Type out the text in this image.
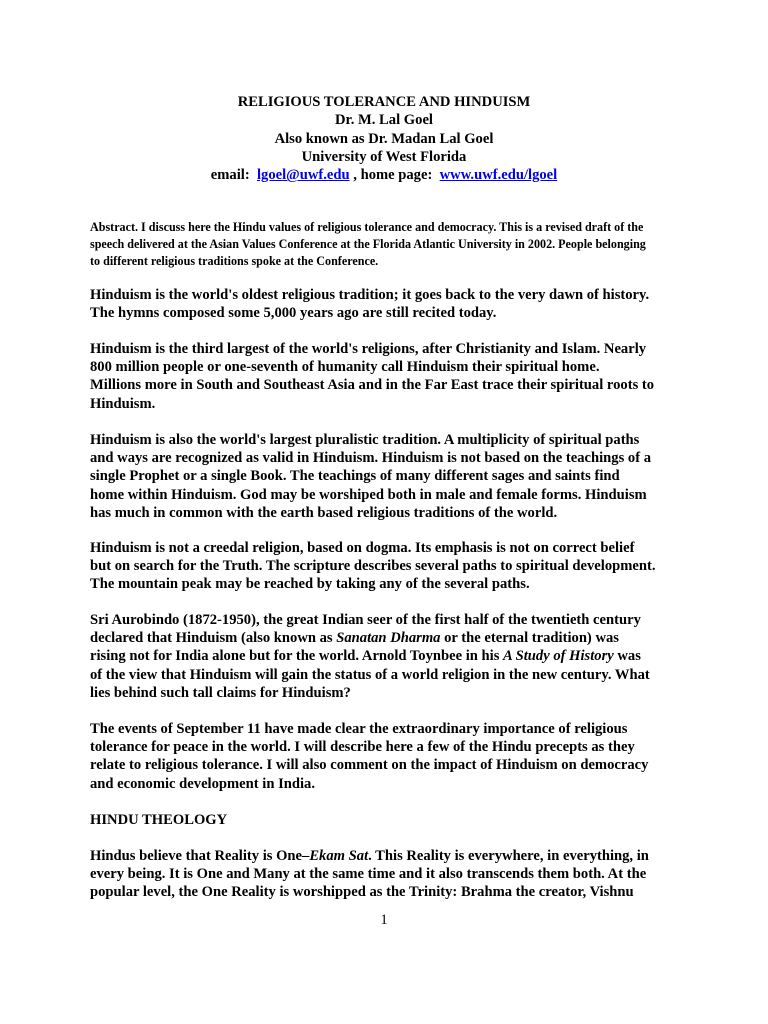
RELIGIOUS TOLERANCE AND HINDUISM
Dr. M. Lal Goel
Also known as Dr. Madan Lal Goel
University of West Florida
email: lgoel@uwf.edu , home page: www.uwf.edu/lgoel
Abstract. I discuss here the Hindu values of religious tolerance and democracy. This is a revised draft of the
speech delivered at the Asian Values Conference at the Florida Atlantic University in 2002. People belonging
to different religious traditions spoke at the Conference.
Hinduism is the world's oldest religious tradition; it goes back to the very dawn of history.
The hymns composed some 5,000 years ago are still recited today.
Hinduism is the third largest of the world's religions, after Christianity and Islam. Nearly
800 million people or one-seventh of humanity call Hinduism their spiritual home.
Millions more in South and Southeast Asia and in the Far East trace their spiritual roots to
Hinduism.
Hinduism is also the world's largest pluralistic tradition. A multiplicity of spiritual paths
and ways are recognized as valid in Hinduism. Hinduism is not based on the teachings of a
single Prophet or a single Book. The teachings of many different sages and saints find
home within Hinduism. God may be worshiped both in male and female forms. Hinduism
has much in common with the earth based religious traditions of the world.
Hinduism is not a creedal religion, based on dogma. Its emphasis is not on correct belief
but on search for the Truth. The scripture describes several paths to spiritual development.
The mountain peak may be reached by taking any of the several paths.
Sri Aurobindo (1872-1950), the great Indian seer of the first half of the twentieth century
declared that Hinduism (also known as Sanatan Dharma or the eternal tradition) was
rising not for India alone but for the world. Arnold Toynbee in his A Study of History was
of the view that Hinduism will gain the status of a world religion in the new century. What
lies behind such tall claims for Hinduism?
The events of September 11 have made clear the extraordinary importance of religious
tolerance for peace in the world. I will describe here a few of the Hindu precepts as they
relate to religious tolerance. I will also comment on the impact of Hinduism on democracy
and economic development in India.
HINDU THEOLOGY
Hindus believe that Reality is One–Ekam Sat. This Reality is everywhere, in everything, in
every being. It is One and Many at the same time and it also transcends them both. At the
popular level, the One Reality is worshipped as the Trinity: Brahma the creator, Vishnu
1
